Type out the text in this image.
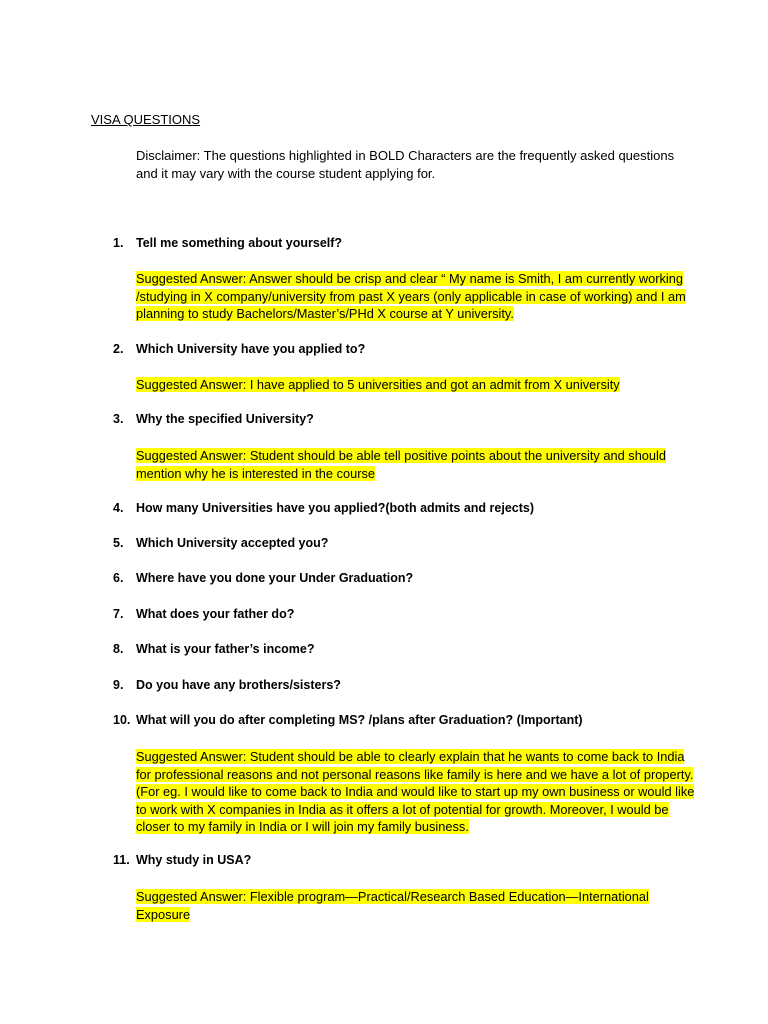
VISA QUESTIONS
Disclaimer: The questions highlighted in BOLD Characters are the frequently asked questions and it may vary with the course student applying for.
1. Tell me something about yourself?
Suggested Answer: Answer should be crisp and clear “ My name is Smith, I am currently working /studying in X company/university from past X years (only applicable in case of working) and I am planning to study Bachelors/Master’s/PHd X course at Y university.
2. Which University have you applied to?
Suggested Answer: I have applied to 5 universities and got an admit from X university
3. Why the specified University?
Suggested Answer: Student should be able tell positive points about the university and should mention why he is interested in the course
4. How many Universities have you applied?(both admits and rejects)
5. Which University accepted you?
6. Where have you done your Under Graduation?
7. What does your father do?
8. What is your father’s income?
9. Do you have any brothers/sisters?
10. What will you do after completing MS? /plans after Graduation? (Important)
Suggested Answer: Student should be able to clearly explain that he wants to come back to India for professional reasons and not personal reasons like family is here and we have a lot of property. (For eg. I would like to come back to India and would like to start up my own business or would like to work with X companies in India as it offers a lot of potential for growth. Moreover, I would be closer to my family in India or I will join my family business.
11. Why study in USA?
Suggested Answer: Flexible program—Practical/Research Based Education—International Exposure
